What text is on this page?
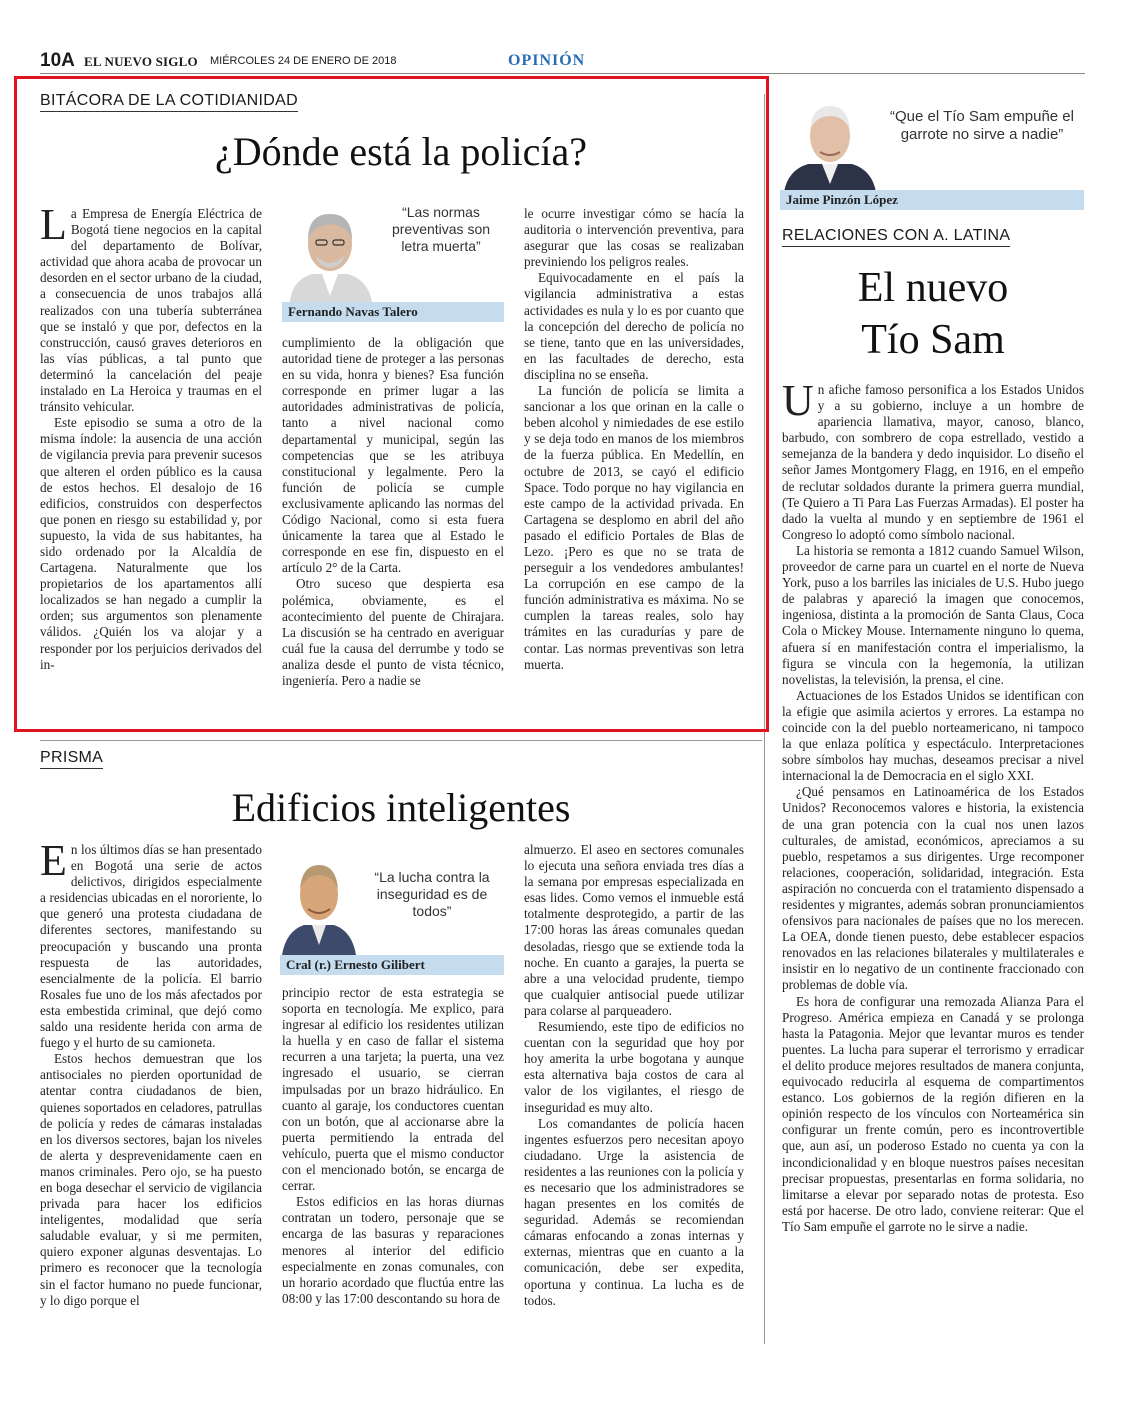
10A EL NUEVO SIGLO MIÉRCOLES 24 DE ENERO DE 2018	OPINIÓN
BITÁCORA DE LA COTIDIANIDAD
¿Dónde está la policía?

La Empresa de Energía Eléctrica de Bogotá tiene negocios en la capital del departamento de Bolívar, actividad que ahora acaba de provocar un desorden en el sector urbano de la ciudad, a consecuencia de unos trabajos allá realizados con una tubería subterránea que se instaló y que por, defectos en la construcción, causó graves deterioros en las vías públicas, a tal punto que determinó la cancelación del peaje instalado en La Heroica y traumas en el tránsito vehicular.

Este episodio se suma a otro de la misma índole: la ausencia de una acción de vigilancia previa para prevenir sucesos que alteren el orden público es la causa de estos hechos. El desalojo de 16 edificios, construidos con desperfectos que ponen en riesgo su estabilidad y, por supuesto, la vida de sus habitantes, ha sido ordenado por la Alcaldía de Cartagena. Naturalmente que los propietarios de los apartamentos allí localizados se han negado a cumplir la orden; sus argumentos son plenamente válidos. ¿Quién los va alojar y a responder por los perjuicios derivados del in-

“Las normas preventivas son letra muerta”
Fernando Navas Talero

cumplimiento de la obligación que autoridad tiene de proteger a las personas en su vida, honra y bienes? Esa función corresponde en primer lugar a las autoridades administrativas de policía, tanto a nivel nacional como departamental y municipal, según las competencias que se les atribuya constitucional y legalmente. Pero la función de policía se cumple exclusivamente aplicando las normas del Código Nacional, como si esta fuera únicamente la tarea que al Estado le corresponde en ese fin, dispuesto en el artículo 2° de la Carta.

Otro suceso que despierta esa polémica, obviamente, es el acontecimiento del puente de Chirajara. La discusión se ha centrado en averiguar cuál fue la causa del derrumbe y todo se analiza desde el punto de vista técnico, ingeniería. Pero a nadie se

le ocurre investigar cómo se hacía la auditoria o intervención preventiva, para asegurar que las cosas se realizaban previniendo los peligros reales.

Equivocadamente en el país la vigilancia administrativa a estas actividades es nula y lo es por cuanto que la concepción del derecho de policía no se tiene, tanto que en las universidades, en las facultades de derecho, esta disciplina no se enseña.

La función de policía se limita a sancionar a los que orinan en la calle o beben alcohol y nimiedades de ese estilo y se deja todo en manos de los miembros de la fuerza pública. En Medellín, en octubre de 2013, se cayó el edificio Space. Todo porque no hay vigilancia en este campo de la actividad privada. En Cartagena se desplomo en abril del año pasado el edificio Portales de Blas de Lezo. ¡Pero es que no se trata de perseguir a los vendedores ambulantes! La corrupción en ese campo de la función administrativa es máxima. No se cumplen la tareas reales, solo hay trámites en las curadurías y pare de contar. Las normas preventivas son letra muerta.

PRISMA
Edificios inteligentes

En los últimos días se han presentado en Bogotá una serie de actos delictivos, dirigidos especialmente a residencias ubicadas en el nororiente, lo que generó una protesta ciudadana de diferentes sectores, manifestando su preocupación y buscando una pronta respuesta de las autoridades, esencialmente de la policía. El barrio Rosales fue uno de los más afectados por esta embestida criminal, que dejó como saldo una residente herida con arma de fuego y el hurto de su camioneta.

Estos hechos demuestran que los antisociales no pierden oportunidad de atentar contra ciudadanos de bien, quienes soportados en celadores, patrullas de policía y redes de cámaras instaladas en los diversos sectores, bajan los niveles de alerta y desprevenidamente caen en manos criminales. Pero ojo, se ha puesto en boga desechar el servicio de vigilancia privada para hacer los edificios inteligentes, modalidad que sería saludable evaluar, y si me permiten, quiero exponer algunas desventajas. Lo primero es reconocer que la tecnología sin el factor humano no puede funcionar, y lo digo porque el

“La lucha contra la inseguridad es de todos”
Cral (r.) Ernesto Gilibert

principio rector de esta estrategia se soporta en tecnología. Me explico, para ingresar al edificio los residentes utilizan la huella y en caso de fallar el sistema recurren a una tarjeta; la puerta, una vez ingresado el usuario, se cierran impulsadas por un brazo hidráulico. En cuanto al garaje, los conductores cuentan con un botón, que al accionarse abre la puerta permitiendo la entrada del vehículo, puerta que el mismo conductor con el mencionado botón, se encarga de cerrar.

Estos edificios en las horas diurnas contratan un todero, personaje que se encarga de las basuras y reparaciones menores al interior del edificio especialmente en zonas comunales, con un horario acordado que fluctúa entre las 08:00 y las 17:00 descontando su hora de

almuerzo. El aseo en sectores comunales lo ejecuta una señora enviada tres días a la semana por empresas especializada en esas lides. Como vemos el inmueble está totalmente desprotegido, a partir de las 17:00 horas las áreas comunales quedan desoladas, riesgo que se extiende toda la noche. En cuanto a garajes, la puerta se abre a una velocidad prudente, tiempo que cualquier antisocial puede utilizar para colarse al parqueadero.

Resumiendo, este tipo de edificios no cuentan con la seguridad que hoy por hoy amerita la urbe bogotana y aunque esta alternativa baja costos de cara al valor de los vigilantes, el riesgo de inseguridad es muy alto.

Los comandantes de policía hacen ingentes esfuerzos pero necesitan apoyo ciudadano. Urge la asistencia de residentes a las reuniones con la policía y es necesario que los administradores se hagan presentes en los comités de seguridad. Además se recomiendan cámaras enfocando a zonas internas y externas, mientras que en cuanto a la comunicación, debe ser expedita, oportuna y continua. La lucha es de todos.

“Que el Tío Sam empuñe el garrote no sirve a nadie”
Jaime Pinzón López
RELACIONES CON A. LATINA
El nuevo
Tío Sam

Un afiche famoso personifica a los Estados Unidos y a su gobierno, incluye a un hombre de apariencia llamativa, mayor, canoso, blanco, barbudo, con sombrero de copa estrellado, vestido a semejanza de la bandera y dedo inquisidor. Lo diseño el señor James Montgomery Flagg, en 1916, en el empeño de reclutar soldados durante la primera guerra mundial, (Te Quiero a Ti Para Las Fuerzas Armadas). El poster ha dado la vuelta al mundo y en septiembre de 1961 el Congreso lo adoptó como símbolo nacional.

La historia se remonta a 1812 cuando Samuel Wilson, proveedor de carne para un cuartel en el norte de Nueva York, puso a los barriles las iniciales de U.S. Hubo juego de palabras y apareció la imagen que conocemos, ingeniosa, distinta a la promoción de Santa Claus, Coca Cola o Mickey Mouse. Internamente ninguno lo quema, afuera sí en manifestación contra el imperialismo, la figura se vincula con la hegemonía, la utilizan novelistas, la televisión, la prensa, el cine.

Actuaciones de los Estados Unidos se identifican con la efigie que asimila aciertos y errores. La estampa no coincide con la del pueblo norteamericano, ni tampoco la que enlaza política y espectáculo. Interpretaciones sobre símbolos hay muchas, deseamos precisar a nivel internacional la de Democracia en el siglo XXI.

¿Qué pensamos en Latinoamérica de los Estados Unidos? Reconocemos valores e historia, la existencia de una gran potencia con la cual nos unen lazos culturales, de amistad, económicos, apreciamos a su pueblo, respetamos a sus dirigentes. Urge recomponer relaciones, cooperación, solidaridad, integración. Esta aspiración no concuerda con el tratamiento dispensado a residentes y migrantes, además sobran pronunciamientos ofensivos para nacionales de países que no los merecen. La OEA, donde tienen puesto, debe establecer espacios renovados en las relaciones bilaterales y multilaterales e insistir en lo negativo de un continente fraccionado con problemas de doble vía.

Es hora de configurar una remozada Alianza Para el Progreso. América empieza en Canadá y se prolonga hasta la Patagonia. Mejor que levantar muros es tender puentes. La lucha para superar el terrorismo y erradicar el delito produce mejores resultados de manera conjunta, equivocado reducirla al esquema de compartimentos estanco. Los gobiernos de la región difieren en la opinión respecto de los vínculos con Norteamérica sin configurar un frente común, pero es incontrovertible que, aun así, un poderoso Estado no cuenta ya con la incondicionalidad y en bloque nuestros países necesitan precisar propuestas, presentarlas en forma solidaria, no limitarse a elevar por separado notas de protesta. Eso está por hacerse. De otro lado, conviene reiterar: Que el Tío Sam empuñe el garrote no le sirve a nadie.
